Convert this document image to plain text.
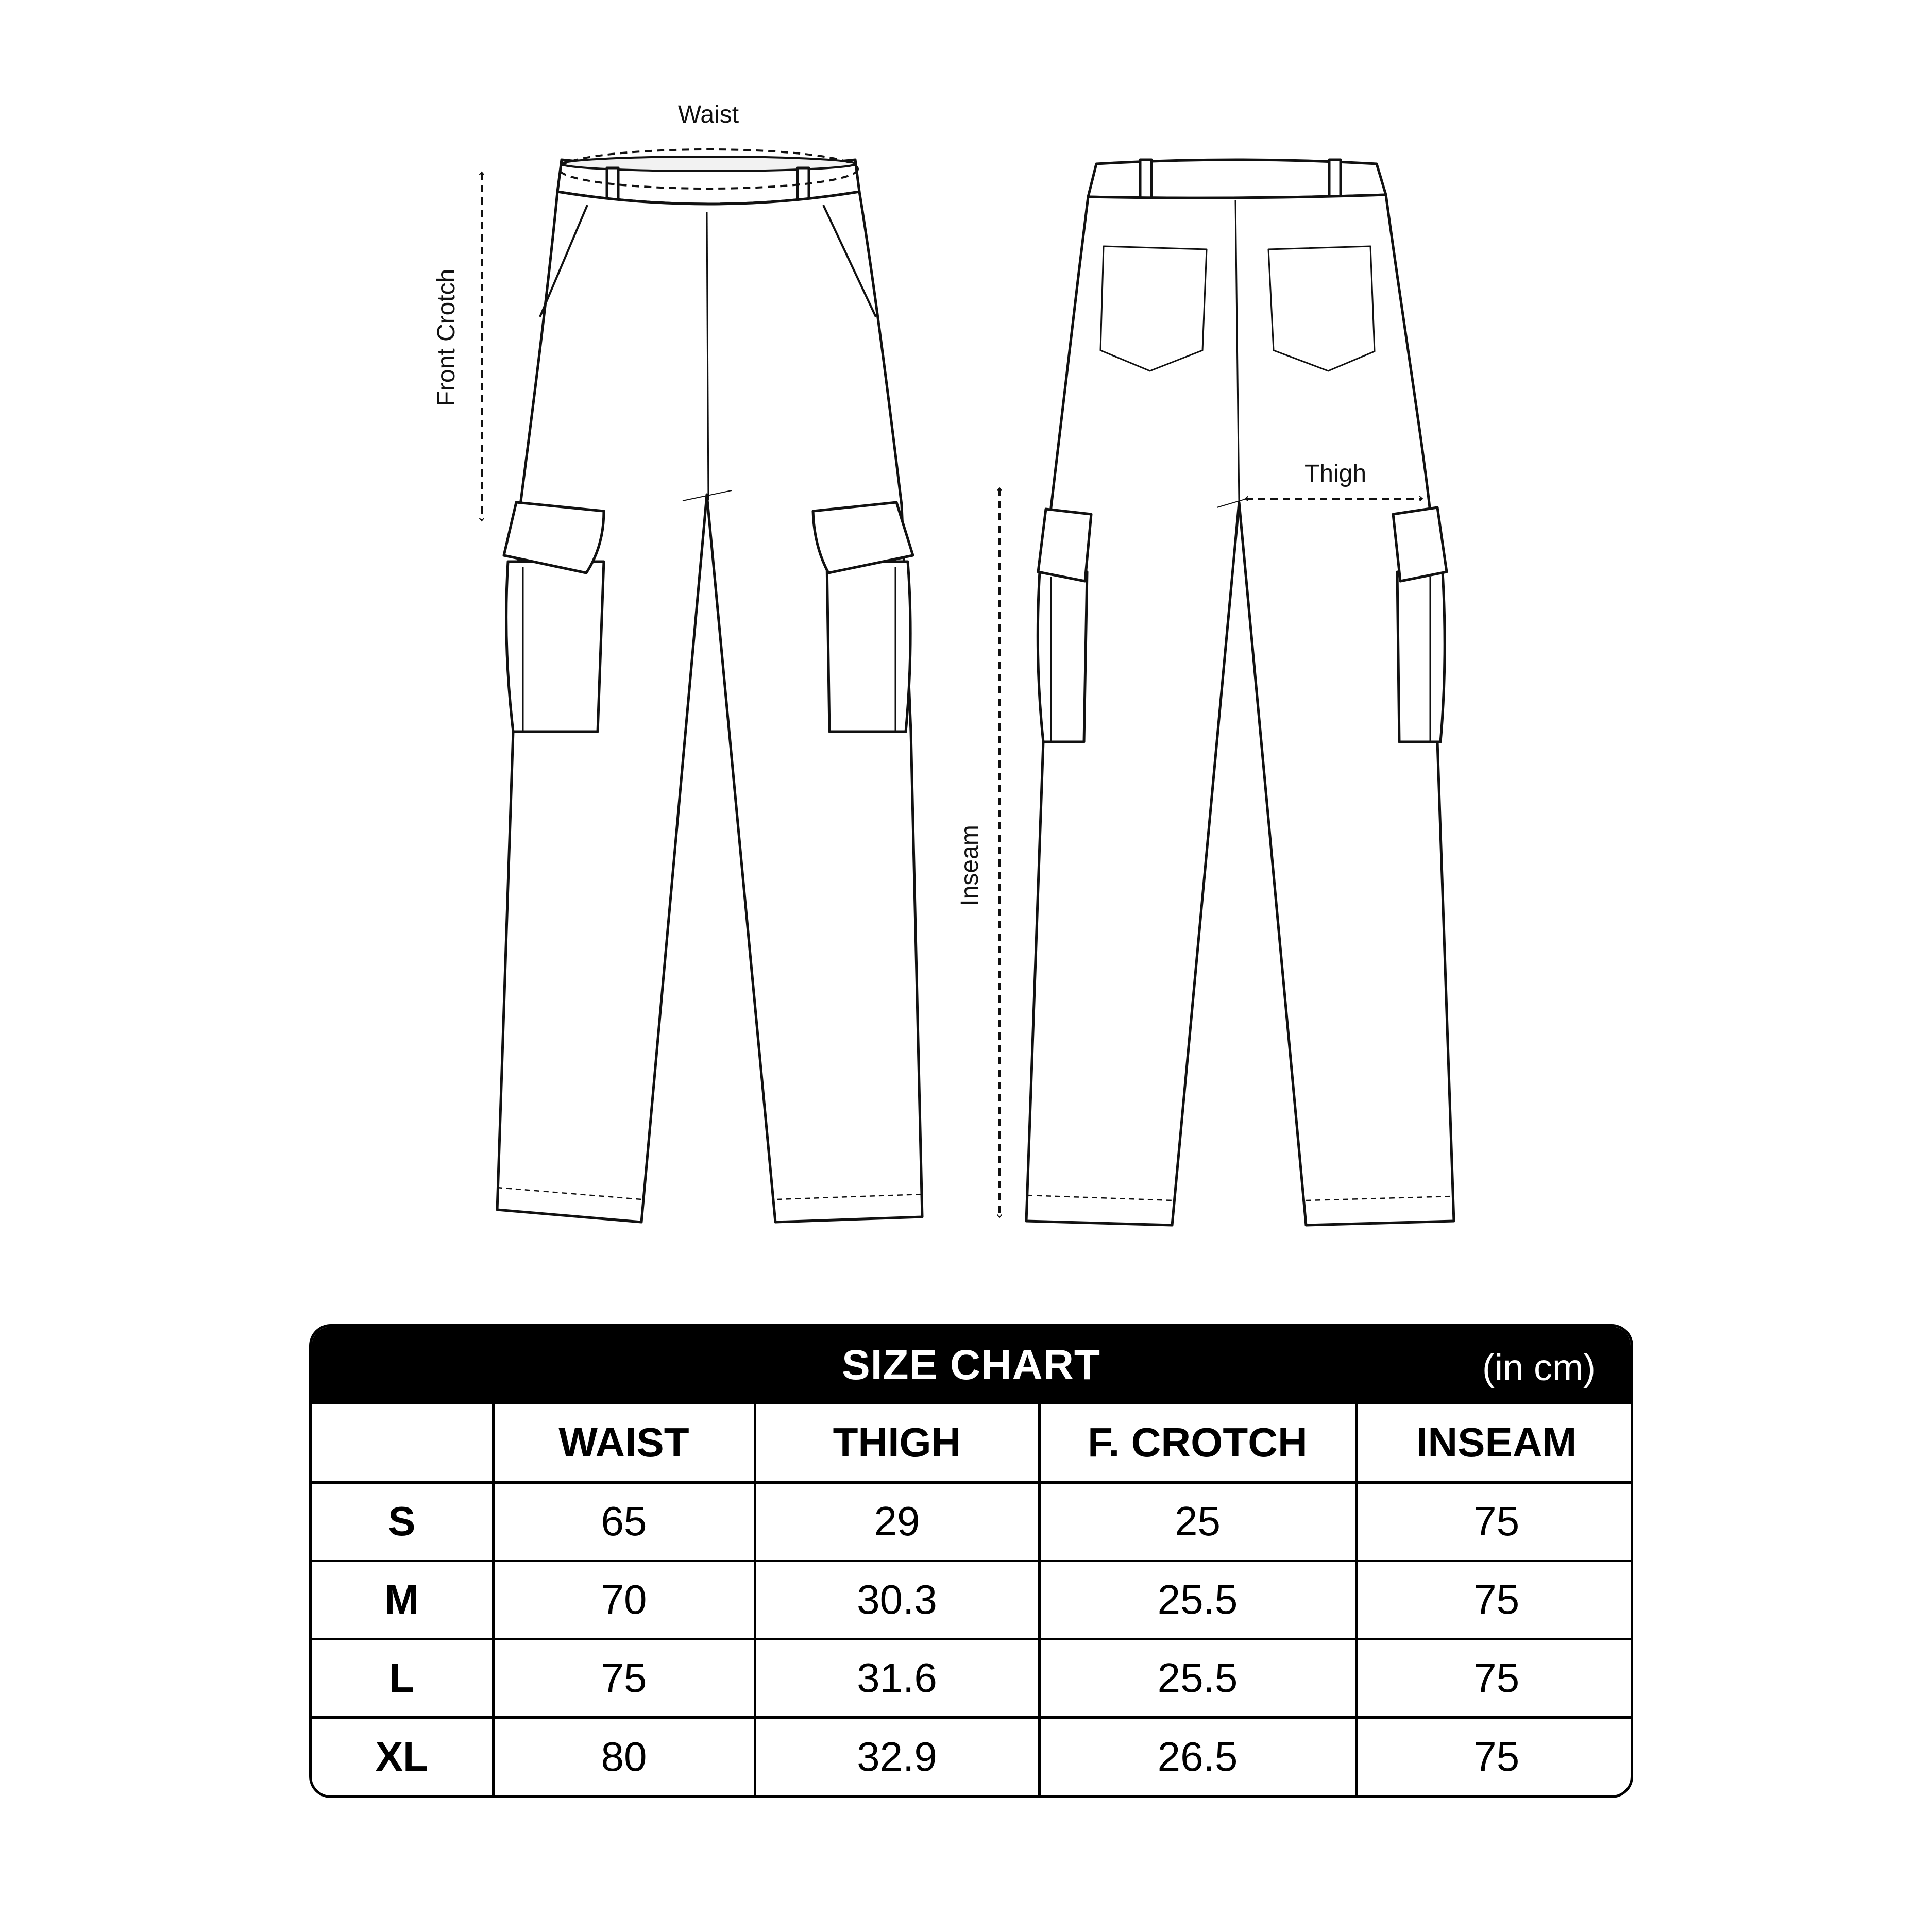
Waist
Front Crotch
Thigh
Inseam
SIZE CHART	(in cm)
	WAIST	THIGH	F. CROTCH	INSEAM
S	65	29	25	75
M	70	30.3	25.5	75
L	75	31.6	25.5	75
XL	80	32.9	26.5	75
